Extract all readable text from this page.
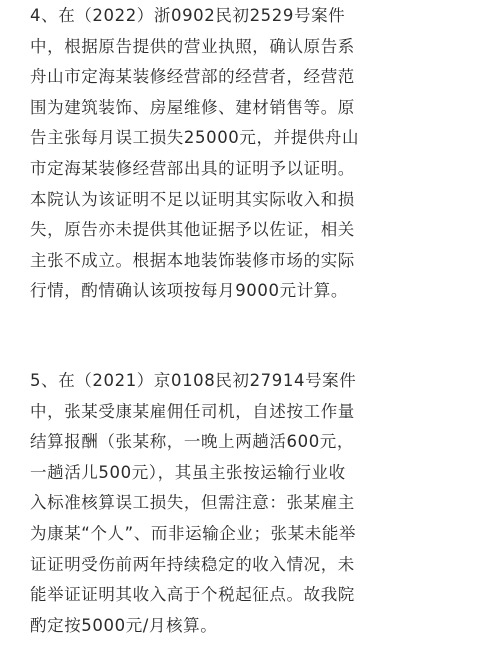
4、在（2022）浙0902民初2529号案件
中，根据原告提供的营业执照，确认原告系
舟山市定海某装修经营部的经营者，经营范
围为建筑装饰、房屋维修、建材销售等。原
告主张每月误工损失25000元，并提供舟山
市定海某装修经营部出具的证明予以证明。
本院认为该证明不足以证明其实际收入和损
失，原告亦未提供其他证据予以佐证，相关
主张不成立。根据本地装饰装修市场的实际
行情，酌情确认该项按每月9000元计算。
5、在（2021）京0108民初27914号案件
中，张某受康某雇佣任司机，自述按工作量
结算报酬（张某称，一晚上两趟活600元，
一趟活儿500元），其虽主张按运输行业收
入标准核算误工损失，但需注意：张某雇主
为康某“个人”、而非运输企业；张某未能举
证证明受伤前两年持续稳定的收入情况，未
能举证证明其收入高于个税起征点。故我院
酌定按5000元/月核算。
